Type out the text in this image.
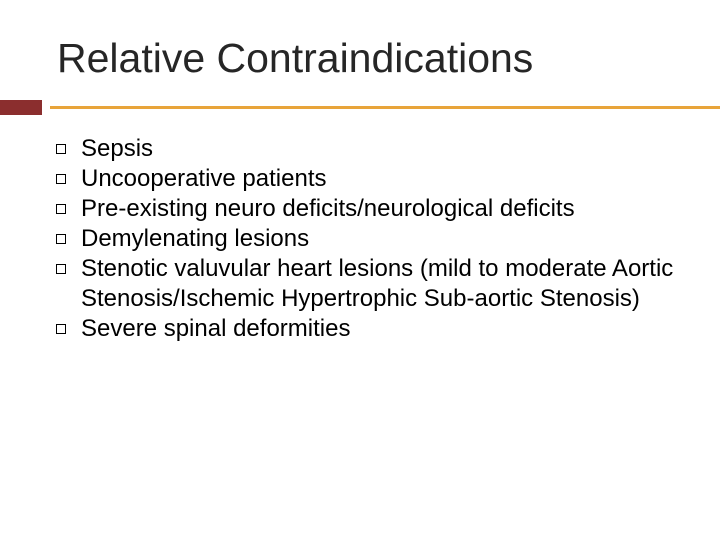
Relative Contraindications
Sepsis
Uncooperative patients
Pre-existing neuro deficits/neurological deficits
Demylenating lesions
Stenotic valuvular heart lesions (mild to moderate Aortic Stenosis/Ischemic Hypertrophic Sub-aortic Stenosis)
Severe spinal deformities
